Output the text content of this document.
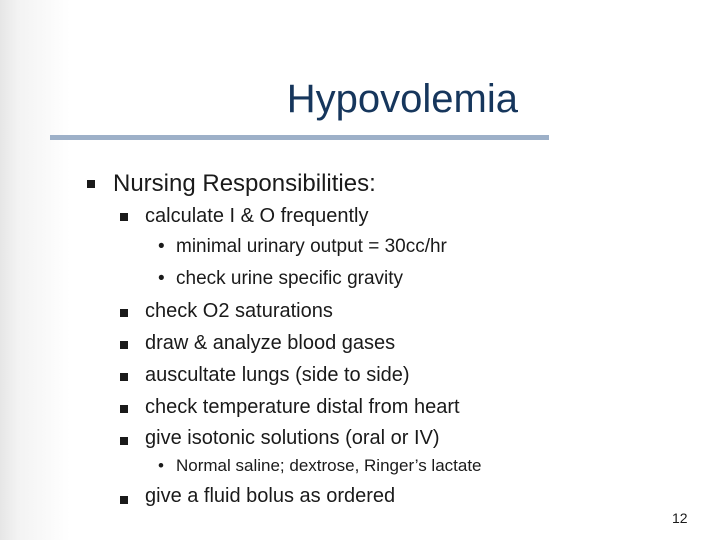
Hypovolemia
Nursing Responsibilities:
calculate I & O frequently
• minimal urinary output = 30cc/hr
• check urine specific gravity
check O2 saturations
draw & analyze blood gases
auscultate lungs (side to side)
check temperature distal from heart
give isotonic solutions (oral or IV)
• Normal saline; dextrose, Ringer’s lactate
give a fluid bolus as ordered
12
